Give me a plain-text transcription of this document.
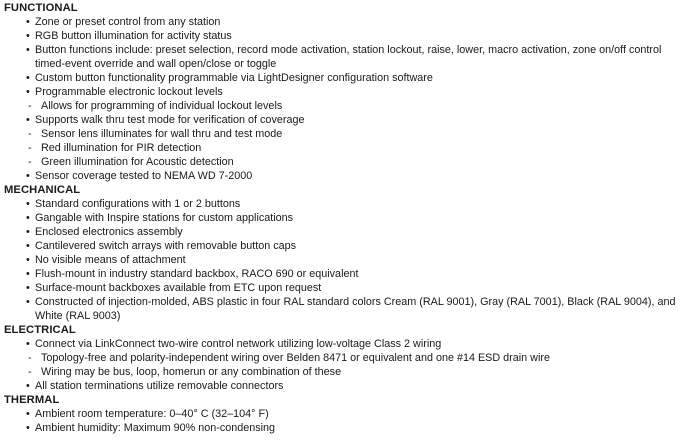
FUNCTIONAL
• Zone or preset control from any station
• RGB button illumination for activity status
• Button functions include: preset selection, record mode activation, station lockout, raise, lower, macro activation, zone on/off control timed-event override and wall open/close or toggle
• Custom button functionality programmable via LightDesigner configuration software
• Programmable electronic lockout levels
- Allows for programming of individual lockout levels
• Supports walk thru test mode for verification of coverage
- Sensor lens illuminates for wall thru and test mode
- Red illumination for PIR detection
- Green illumination for Acoustic detection
• Sensor coverage tested to NEMA WD 7-2000
MECHANICAL
• Standard configurations with 1 or 2 buttons
• Gangable with Inspire stations for custom applications
• Enclosed electronics assembly
• Cantilevered switch arrays with removable button caps
• No visible means of attachment
• Flush-mount in industry standard backbox, RACO 690 or equivalent
• Surface-mount backboxes available from ETC upon request
• Constructed of injection-molded, ABS plastic in four RAL standard colors Cream (RAL 9001), Gray (RAL 7001), Black (RAL 9004), and White (RAL 9003)
ELECTRICAL
• Connect via LinkConnect two-wire control network utilizing low-voltage Class 2 wiring
- Topology-free and polarity-independent wiring over Belden 8471 or equivalent and one #14 ESD drain wire
- Wiring may be bus, loop, homerun or any combination of these
• All station terminations utilize removable connectors
THERMAL
• Ambient room temperature: 0–40° C (32–104° F)
• Ambient humidity: Maximum 90% non-condensing
